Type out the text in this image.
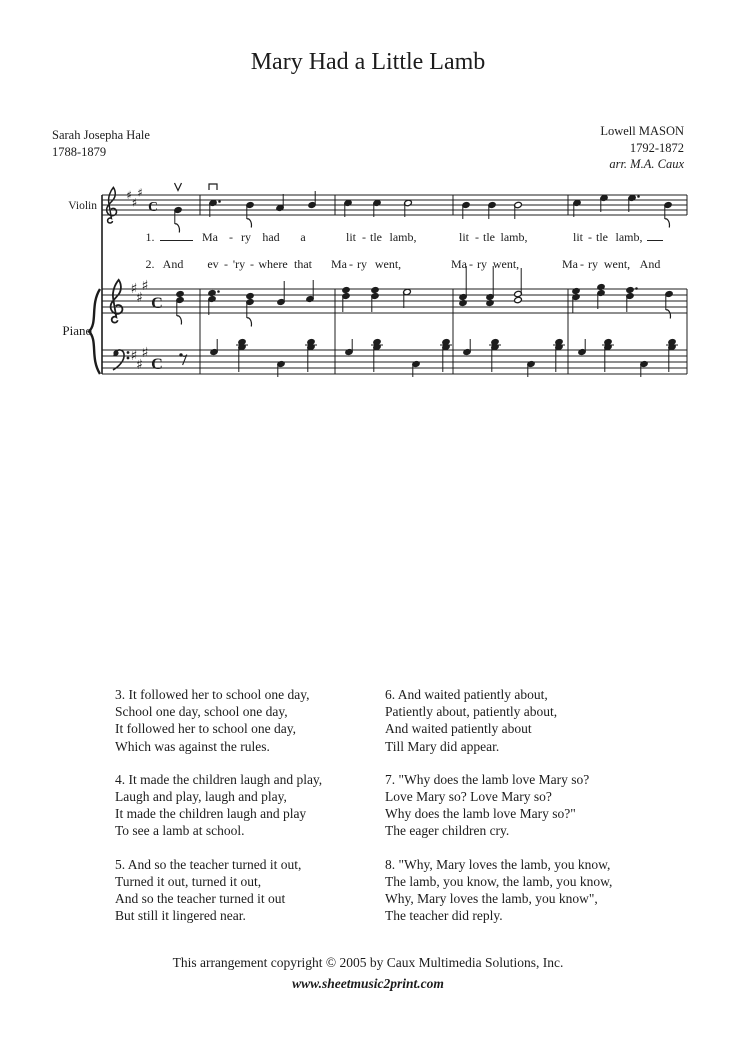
Mary Had a Little Lamb
Sarah Josepha Hale
1788-1879
Lowell MASON
1792-1872
arr. M.A. Caux
Violin
Piano
♯
♯
♯
♯
♯
♯
♯
♯
♯
C
C
C
1.	Ma - ry had a	lit - tle lamb,	lit - tle lamb,	lit - tle lamb,
2. And ev - 'ry - where that Ma - ry went,	Ma - ry went,	Ma - ry went, And
3. It followed her to school one day,
School one day, school one day,
It followed her to school one day,
Which was against the rules.
4. It made the children laugh and play,
Laugh and play, laugh and play,
It made the children laugh and play
To see a lamb at school.
5. And so the teacher turned it out,
Turned it out, turned it out,
And so the teacher turned it out
But still it lingered near.
6. And waited patiently about,
Patiently about, patiently about,
And waited patiently about
Till Mary did appear.
7. "Why does the lamb love Mary so?
Love Mary so? Love Mary so?
Why does the lamb love Mary so?"
The eager children cry.
8. "Why, Mary loves the lamb, you know,
The lamb, you know, the lamb, you know,
Why, Mary loves the lamb, you know",
The teacher did reply.
This arrangement copyright © 2005 by Caux Multimedia Solutions, Inc.
www.sheetmusic2print.com
